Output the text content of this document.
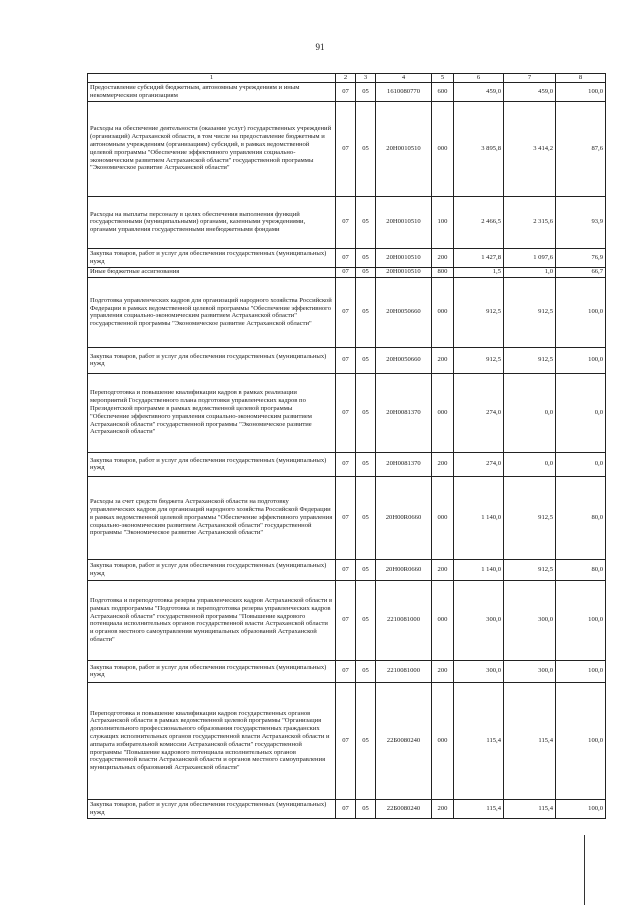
91
1	2	3	4	5	6	7	8
Предоставление субсидий бюджетным, автономным учреждениям и иным некоммерческим организациям	07	05	1610080770	600	459,0	459,0	100,0
Расходы на обеспечение деятельности (оказание услуг) государственных учреждений (организаций) Астраханской области, в том числе на предоставление бюджетным и автономным учреждениям (организациям) субсидий, в рамках ведомственной целевой программы "Обеспечение эффективного управления социально-экономическим развитием Астраханской области" государственной программы "Экономическое развитие Астраханской области"	07	05	20Н0010510	000	3 895,8	3 414,2	87,6
Расходы на выплаты персоналу в целях обеспечения выполнения функций государственными (муниципальными) органами, казенными учреждениями, органами управления государственными внебюджетными фондами	07	05	20Н0010510	100	2 466,5	2 315,6	93,9
Закупка товаров, работ и услуг для обеспечения государственных (муниципальных) нужд	07	05	20Н0010510	200	1 427,8	1 097,6	76,9
Иные бюджетные ассигнования	07	05	20Н0010510	800	1,5	1,0	66,7
Подготовка управленческих кадров для организаций народного хозяйства Российской Федерации в рамках ведомственной целевой программы "Обеспечение эффективного управления социально-экономическим развитием Астраханской области" государственной программы "Экономическое развитие Астраханской области"	07	05	20Н0050660	000	912,5	912,5	100,0
Закупка товаров, работ и услуг для обеспечения государственных (муниципальных) нужд	07	05	20Н0050660	200	912,5	912,5	100,0
Переподготовка и повышение квалификации кадров в рамках реализации мероприятий Государственного плана подготовки управленческих кадров по Президентской программе в рамках ведомственной целевой программы "Обеспечение эффективного управления социально-экономическим развитием Астраханской области" государственной программы "Экономическое развитие Астраханской области"	07	05	20Н0081370	000	274,0	0,0	0,0
Закупка товаров, работ и услуг для обеспечения государственных (муниципальных) нужд	07	05	20Н0081370	200	274,0	0,0	0,0
Расходы за счет средств бюджета Астраханской области на подготовку управленческих кадров для организаций народного хозяйства Российской Федерации в рамках ведомственной целевой программы "Обеспечение эффективного управления социально-экономическим развитием Астраханской области" государственной программы "Экономическое развитие Астраханской области"	07	05	20Н00R0660	000	1 140,0	912,5	80,0
Закупка товаров, работ и услуг для обеспечения государственных (муниципальных) нужд	07	05	20Н00R0660	200	1 140,0	912,5	80,0
Подготовка и переподготовка резерва управленческих кадров Астраханской области в рамках подпрограммы "Подготовка и переподготовка резерва управленческих кадров Астраханской области" государственной программы "Повышение кадрового потенциала исполнительных органов государственной власти Астраханской области и органов местного самоуправления муниципальных образований Астраханской области"	07	05	2210081000	000	300,0	300,0	100,0
Закупка товаров, работ и услуг для обеспечения государственных (муниципальных) нужд	07	05	2210081000	200	300,0	300,0	100,0
Переподготовка и повышение квалификации кадров государственных органов Астраханской области в рамках ведомственной целевой программы "Организация дополнительного профессионального образования государственных гражданских служащих исполнительных органов государственной власти Астраханской области и аппарата избирательной комиссии Астраханской области" государственной программы "Повышение кадрового потенциала исполнительных органов государственной власти Астраханской области и органов местного самоуправления муниципальных образований Астраханской области"	07	05	22Б0080240	000	115,4	115,4	100,0
Закупка товаров, работ и услуг для обеспечения государственных (муниципальных) нужд	07	05	22Б0080240	200	115,4	115,4	100,0
